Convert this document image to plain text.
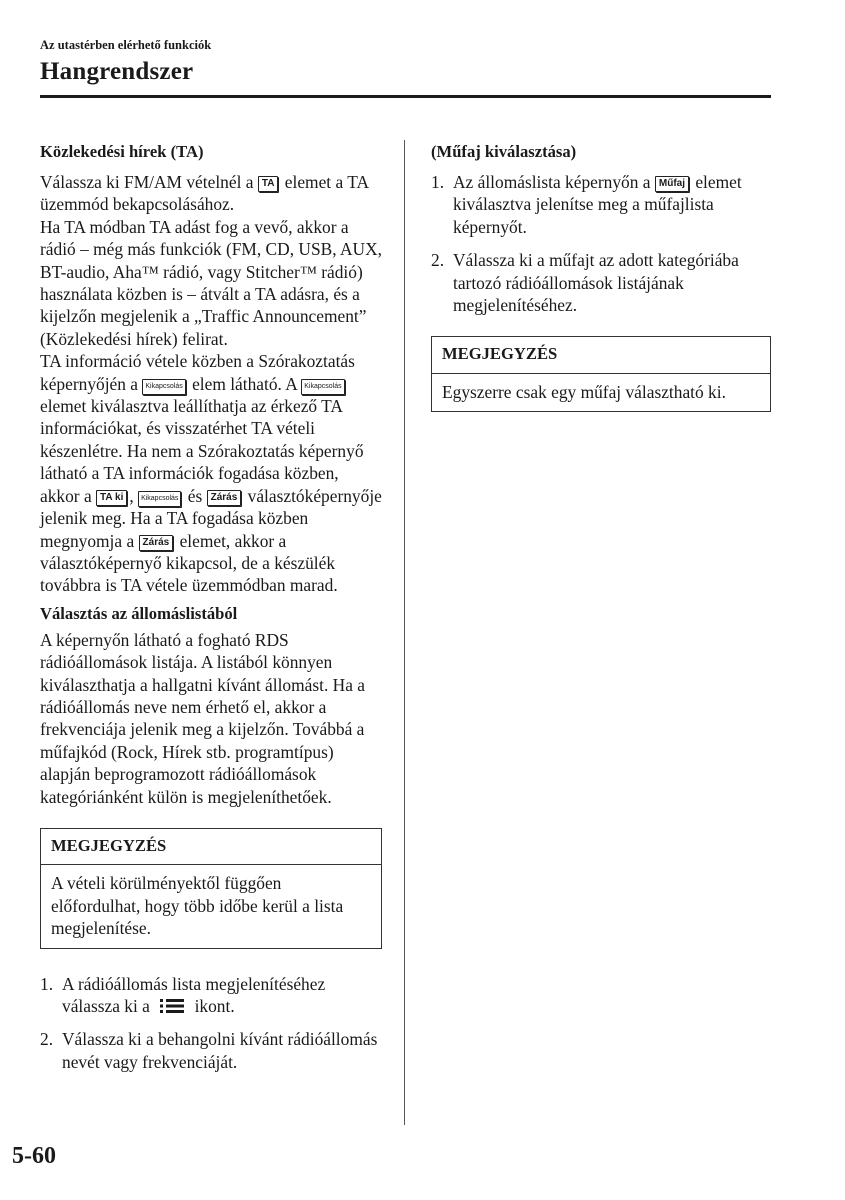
Az utastérben elérhető funkciók
Hangrendszer
Közlekedési hírek (TA)

Válassza ki FM/AM vételnél a TA elemet a TA üzemmód bekapcsolásához.

Ha TA módban TA adást fog a vevő, akkor a rádió – még más funkciók (FM, CD, USB, AUX, BT-audio, Aha™ rádió, vagy Stitcher™ rádió) használata közben is – átvált a TA adásra, és a kijelzőn megjelenik a „Traffic Announcement” (Közlekedési hírek) felirat.

TA információ vétele közben a Szórakoztatás képernyőjén a Kikapcsolás elem látható. A Kikapcsolás elemet kiválasztva leállíthatja az érkező TA információkat, és visszatérhet TA vételi készenlétre. Ha nem a Szórakoztatás képernyő látható a TA információk fogadása közben, akkor a TA ki , Kikapcsolás és Zárás választóképernyője jelenik meg. Ha a TA fogadása közben megnyomja a Zárás elemet, akkor a választóképernyő kikapcsol, de a készülék továbbra is TA vétele üzemmódban marad.

Választás az állomáslistából

A képernyőn látható a fogható RDS rádióállomások listája. A listából könnyen kiválaszthatja a hallgatni kívánt állomást. Ha a rádióállomás neve nem érhető el, akkor a frekvenciája jelenik meg a kijelzőn. Továbbá a műfajkód (Rock, Hírek stb. programtípus) alapján beprogramozott rádióállomások kategóriánként külön is megjeleníthetőek.

MEGJEGYZÉS
A vételi körülményektől függően előfordulhat, hogy több időbe kerül a lista megjelenítése.
1. A rádióállomás lista megjelenítéséhez válassza ki a  ikont.
2. Válassza ki a behangolni kívánt rádióállomás nevét vagy frekvenciáját.
(Műfaj kiválasztása)
1. Az állomáslista képernyőn a Műfaj elemet kiválasztva jelenítse meg a műfajlista képernyőt.
2. Válassza ki a műfajt az adott kategóriába tartozó rádióállomások listájának megjelenítéséhez.
MEGJEGYZÉS
Egyszerre csak egy műfaj választható ki.
5-60
